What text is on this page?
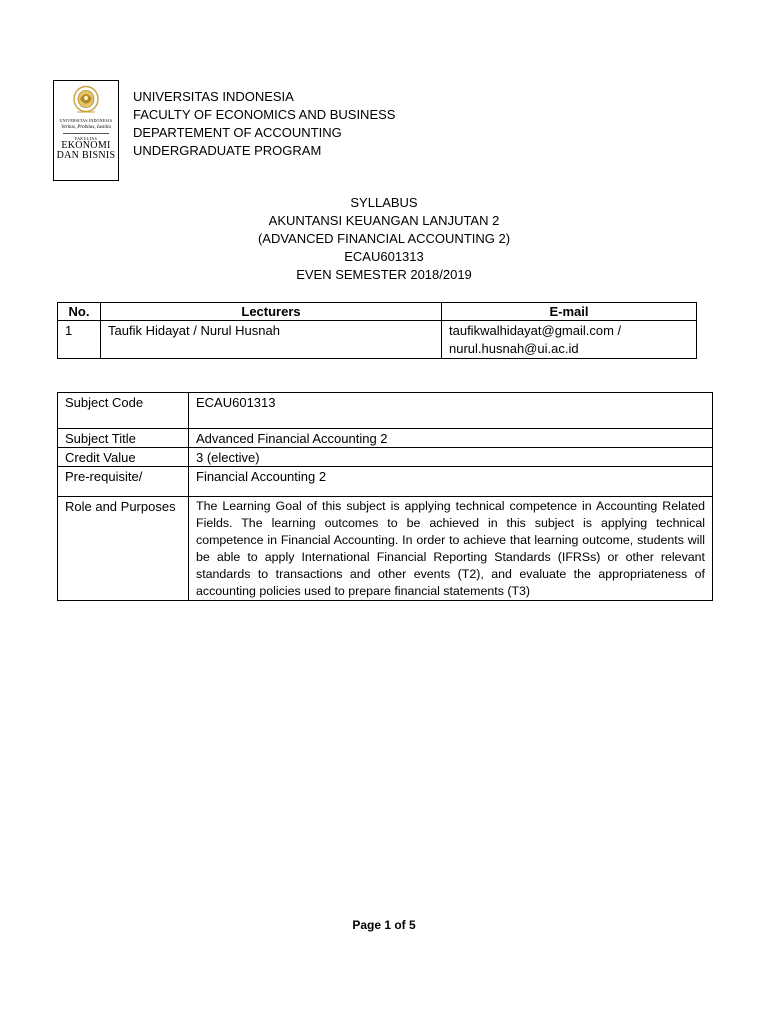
UNIVERSITAS INDONESIA
Veritas, Probitas, Iustitia
FAKULTAS
EKONOMI
DAN BISNIS
UNIVERSITAS INDONESIA
FACULTY OF ECONOMICS AND BUSINESS
DEPARTEMENT OF ACCOUNTING
UNDERGRADUATE PROGRAM
SYLLABUS
AKUNTANSI KEUANGAN LANJUTAN 2
(ADVANCED FINANCIAL ACCOUNTING 2)
ECAU601313
EVEN SEMESTER 2018/2019
No.	Lecturers	E-mail
1	Taufik Hidayat / Nurul Husnah	taufikwalhidayat@gmail.com /
nurul.husnah@ui.ac.id
Subject Code	ECAU601313
Subject Title	Advanced Financial Accounting 2
Credit Value	3 (elective)
Pre-requisite/	Financial Accounting 2
Role and Purposes	The Learning Goal of this subject is applying technical competence in Accounting Related Fields. The learning outcomes to be achieved in this subject is applying technical competence in Financial Accounting. In order to achieve that learning outcome, students will be able to apply International Financial Reporting Standards (IFRSs) or other relevant standards to transactions and other events (T2), and evaluate the appropriateness of accounting policies used to prepare financial statements (T3)
Page 1 of 5
